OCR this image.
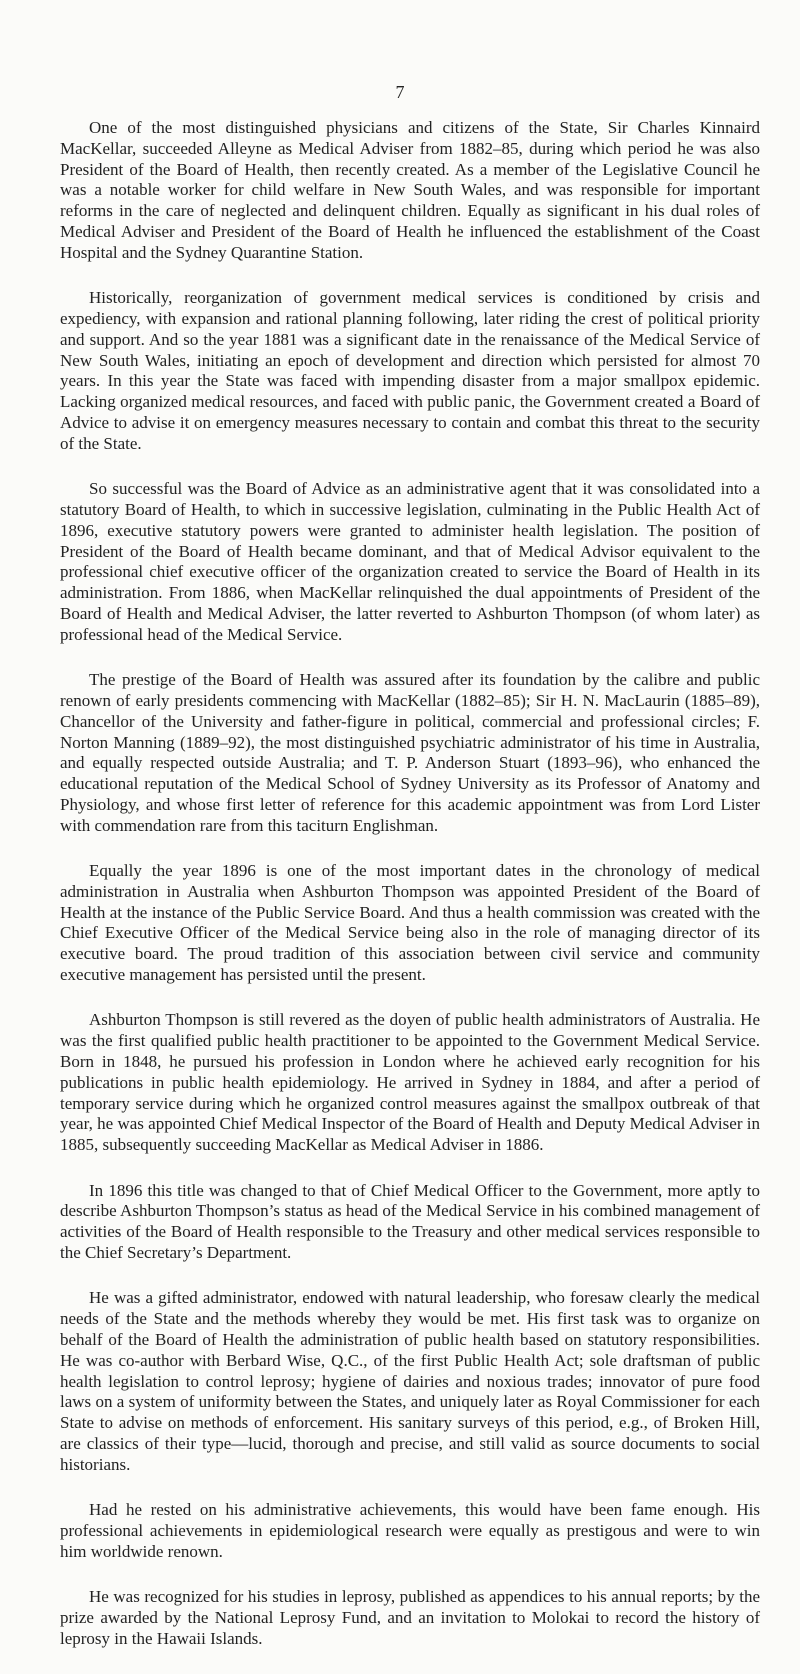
7

One of the most distinguished physicians and citizens of the State, Sir Charles Kinnaird MacKellar, succeeded Alleyne as Medical Adviser from 1882–85, during which period he was also President of the Board of Health, then recently created. As a member of the Legislative Council he was a notable worker for child welfare in New South Wales, and was responsible for important reforms in the care of neglected and delinquent children. Equally as significant in his dual roles of Medical Adviser and President of the Board of Health he influenced the establishment of the Coast Hospital and the Sydney Quarantine Station.

Historically, reorganization of government medical services is conditioned by crisis and expediency, with expansion and rational planning following, later riding the crest of political priority and support. And so the year 1881 was a significant date in the renaissance of the Medical Service of New South Wales, initiating an epoch of development and direction which persisted for almost 70 years. In this year the State was faced with impending disaster from a major smallpox epidemic. Lacking organized medical resources, and faced with public panic, the Government created a Board of Advice to advise it on emergency measures necessary to contain and combat this threat to the security of the State.

So successful was the Board of Advice as an administrative agent that it was consolidated into a statutory Board of Health, to which in successive legislation, culminating in the Public Health Act of 1896, executive statutory powers were granted to administer health legislation. The position of President of the Board of Health became dominant, and that of Medical Advisor equivalent to the professional chief executive officer of the organization created to service the Board of Health in its administration. From 1886, when MacKellar relinquished the dual appointments of President of the Board of Health and Medical Adviser, the latter reverted to Ashburton Thompson (of whom later) as professional head of the Medical Service.

The prestige of the Board of Health was assured after its foundation by the calibre and public renown of early presidents commencing with MacKellar (1882–85); Sir H. N. MacLaurin (1885–89), Chancellor of the University and father-figure in political, commercial and professional circles; F. Norton Manning (1889–92), the most distinguished psychiatric administrator of his time in Australia, and equally respected outside Australia; and T. P. Anderson Stuart (1893–96), who enhanced the educational reputation of the Medical School of Sydney University as its Professor of Anatomy and Physiology, and whose first letter of reference for this academic appointment was from Lord Lister with commendation rare from this taciturn Englishman.

Equally the year 1896 is one of the most important dates in the chronology of medical administration in Australia when Ashburton Thompson was appointed President of the Board of Health at the instance of the Public Service Board. And thus a health commission was created with the Chief Executive Officer of the Medical Service being also in the role of managing director of its executive board. The proud tradition of this association between civil service and community executive management has persisted until the present.

Ashburton Thompson is still revered as the doyen of public health administrators of Australia. He was the first qualified public health practitioner to be appointed to the Government Medical Service. Born in 1848, he pursued his profession in London where he achieved early recognition for his publications in public health epidemiology. He arrived in Sydney in 1884, and after a period of temporary service during which he organized control measures against the smallpox outbreak of that year, he was appointed Chief Medical Inspector of the Board of Health and Deputy Medical Adviser in 1885, subsequently succeeding MacKellar as Medical Adviser in 1886.

In 1896 this title was changed to that of Chief Medical Officer to the Government, more aptly to describe Ashburton Thompson’s status as head of the Medical Service in his combined management of activities of the Board of Health responsible to the Treasury and other medical services responsible to the Chief Secretary’s Department.

He was a gifted administrator, endowed with natural leadership, who foresaw clearly the medical needs of the State and the methods whereby they would be met. His first task was to organize on behalf of the Board of Health the administration of public health based on statutory responsibilities. He was co-author with Berbard Wise, Q.C., of the first Public Health Act; sole draftsman of public health legislation to control leprosy; hygiene of dairies and noxious trades; innovator of pure food laws on a system of uniformity between the States, and uniquely later as Royal Commissioner for each State to advise on methods of enforcement. His sanitary surveys of this period, e.g., of Broken Hill, are classics of their type—lucid, thorough and precise, and still valid as source documents to social historians.

Had he rested on his administrative achievements, this would have been fame enough. His professional achievements in epidemiological research were equally as prestigous and were to win him worldwide renown.

He was recognized for his studies in leprosy, published as appendices to his annual reports; by the prize awarded by the National Leprosy Fund, and an invitation to Molokai to record the history of leprosy in the Hawaii Islands.
